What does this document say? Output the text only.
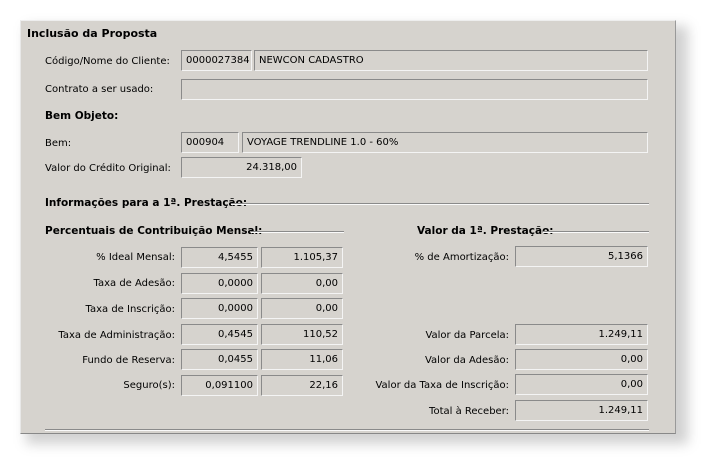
Inclusão da Proposta
Código/Nome do Cliente:	0000027384 NEWCON CADASTRO
Contrato a ser usado:
Bem Objeto:
Bem:	000904	VOYAGE TRENDLINE 1.0 - 60%
Valor do Crédito Original:	24.318,00
Informações para a 1ª. Prestação:
Percentuais de Contribuição Mensal:	Valor da 1ª. Prestação:
% Ideal Mensal:	4,5455	1.105,37
Taxa de Adesão:	0,0000	0,00
Taxa de Inscrição:	0,0000	0,00
Taxa de Administração:	0,4545	110,52
Fundo de Reserva:	0,0455	11,06
Seguro(s):	0,091100	22,16
% de Amortização:	5,1366
Valor da Parcela:	1.249,11
Valor da Adesão:	0,00
Valor da Taxa de Inscrição:	0,00
Total à Receber:	1.249,11
